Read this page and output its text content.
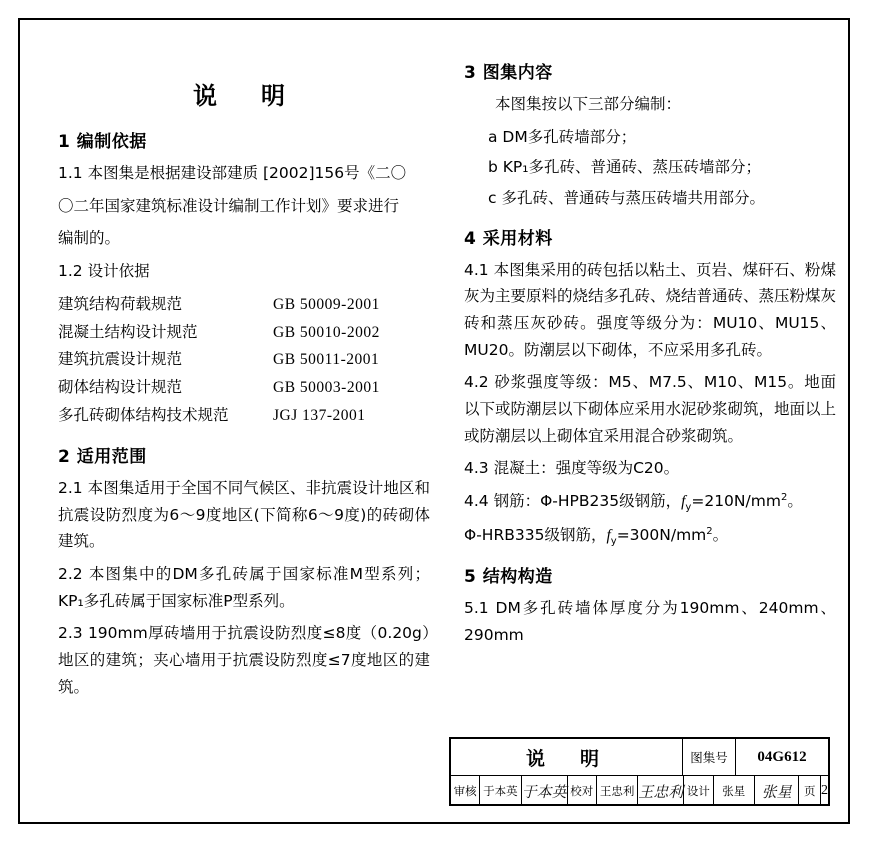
说　明
1 编制依据

1.1 本图集是根据建设部建质 [2002]156号《二〇

〇二年国家建筑标准设计编制工作计划》要求进行

编制的。

1.2 设计依据

建筑结构荷载规范	GB 50009-2001
混凝土结构设计规范	GB 50010-2002
建筑抗震设计规范	GB 50011-2001
砌体结构设计规范	GB 50003-2001
多孔砖砌体结构技术规范	JGJ 137-2001
2 适用范围

2.1 本图集适用于全国不同气候区、非抗震设计地区和抗震设防烈度为6～9度地区(下简称6～9度)的砖砌体建筑。

2.2 本图集中的DM多孔砖属于国家标准M型系列；KP₁多孔砖属于国家标准P型系列。

2.3 190mm厚砖墙用于抗震设防烈度≤8度（0.20g）地区的建筑；夹心墙用于抗震设防烈度≤7度地区的建筑。

3 图集内容

本图集按以下三部分编制：

a DM多孔砖墙部分；

b KP₁多孔砖、普通砖、蒸压砖墙部分；

c 多孔砖、普通砖与蒸压砖墙共用部分。

4 采用材料

4.1 本图集采用的砖包括以粘土、页岩、煤矸石、粉煤灰为主要原料的烧结多孔砖、烧结普通砖、蒸压粉煤灰砖和蒸压灰砂砖。强度等级分为：MU10、MU15、MU20。防潮层以下砌体，不应采用多孔砖。

4.2 砂浆强度等级：M5、M7.5、M10、M15。地面以下或防潮层以下砌体应采用水泥砂浆砌筑，地面以上或防潮层以上砌体宜采用混合砂浆砌筑。

4.3 混凝土：强度等级为C20。

4.4 钢筋：Φ-HPB235级钢筋，$f_y=210N/mm^2$。

Φ-HRB335级钢筋，$f_y=300N/mm^2$。

5 结构构造

5.1 DM多孔砖墙体厚度分为190mm、240mm、290mm

说　明	图集号	04G612
审核 于本英 于本英 校对 王忠利 王忠利 设计	张星	张星	页 2
